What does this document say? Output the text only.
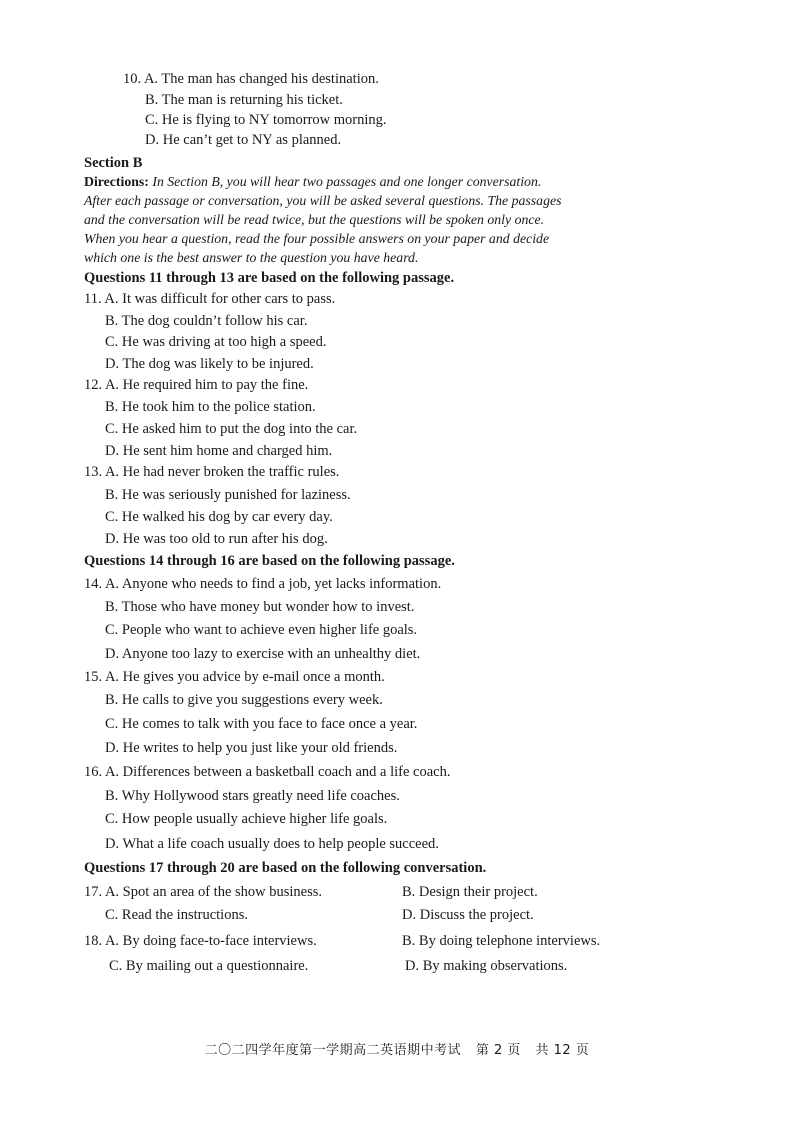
10. A. The man has changed his destination.
B. The man is returning his ticket.
C. He is flying to NY tomorrow morning.
D. He can’t get to NY as planned.
Section B
Directions: In Section B, you will hear two passages and one longer conversation.
After each passage or conversation, you will be asked several questions. The passages
and the conversation will be read twice, but the questions will be spoken only once.
When you hear a question, read the four possible answers on your paper and decide
which one is the best answer to the question you have heard.
Questions 11 through 13 are based on the following passage.
11. A. It was difficult for other cars to pass.
B. The dog couldn’t follow his car.
C. He was driving at too high a speed.
D. The dog was likely to be injured.
12. A. He required him to pay the fine.
B. He took him to the police station.
C. He asked him to put the dog into the car.
D. He sent him home and charged him.
13. A. He had never broken the traffic rules.
B. He was seriously punished for laziness.
C. He walked his dog by car every day.
D. He was too old to run after his dog.
Questions 14 through 16 are based on the following passage.
14. A. Anyone who needs to find a job, yet lacks information.
B. Those who have money but wonder how to invest.
C. People who want to achieve even higher life goals.
D. Anyone too lazy to exercise with an unhealthy diet.
15. A. He gives you advice by e-mail once a month.
B. He calls to give you suggestions every week.
C. He comes to talk with you face to face once a year.
D. He writes to help you just like your old friends.
16. A. Differences between a basketball coach and a life coach.
B. Why Hollywood stars greatly need life coaches.
C. How people usually achieve higher life goals.
D. What a life coach usually does to help people succeed.
Questions 17 through 20 are based on the following conversation.
17. A. Spot an area of the show business.	B. Design their project.
C. Read the instructions.	D. Discuss the project.
18. A. By doing face-to-face interviews.	B. By doing telephone interviews.
C. By mailing out a questionnaire.	D. By making observations.
二〇二四学年度第一学期高二英语期中考试 第 2 页 共 12 页
